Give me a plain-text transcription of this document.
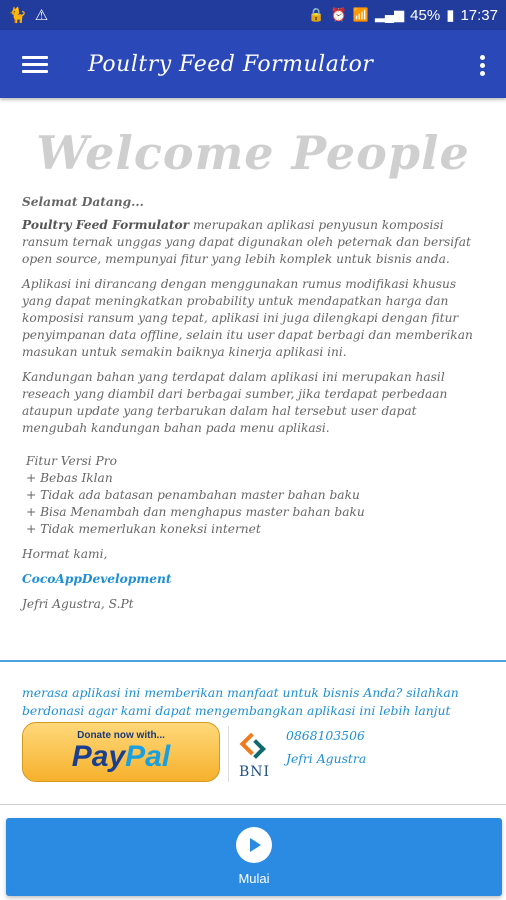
🐈 ⚠	🔒 ⏰ 📶 ▂▄▆ 45% ▮ 17:37
Poultry Feed Formulator
Welcome People
Selamat Datang...
Poultry Feed Formulator merupakan aplikasi penyusun komposisi ransum ternak unggas yang dapat digunakan oleh peternak dan bersifat open source, mempunyai fitur yang lebih komplek untuk bisnis anda.
Aplikasi ini dirancang dengan menggunakan rumus modifikasi khusus yang dapat meningkatkan probability untuk mendapatkan harga dan komposisi ransum yang tepat, aplikasi ini juga dilengkapi dengan fitur penyimpanan data offline, selain itu user dapat berbagi dan memberikan masukan untuk semakin baiknya kinerja aplikasi ini.
Kandungan bahan yang terdapat dalam aplikasi ini merupakan hasil reseach yang diambil dari berbagai sumber, jika terdapat perbedaan ataupun update yang terbarukan dalam hal tersebut user dapat mengubah kandungan bahan pada menu aplikasi.
Fitur Versi Pro
+ Bebas Iklan
+ Tidak ada batasan penambahan master bahan baku
+ Bisa Menambah dan menghapus master bahan baku
+ Tidak memerlukan koneksi internet
Hormat kami,
CocoAppDevelopment
Jefri Agustra, S.Pt
merasa aplikasi ini memberikan manfaat untuk bisnis Anda? silahkan berdonasi agar kami dapat mengembangkan aplikasi ini lebih lanjut
Donate now with...
PayPal	BNI
0868103506
Jefri Agustra
Mulai
